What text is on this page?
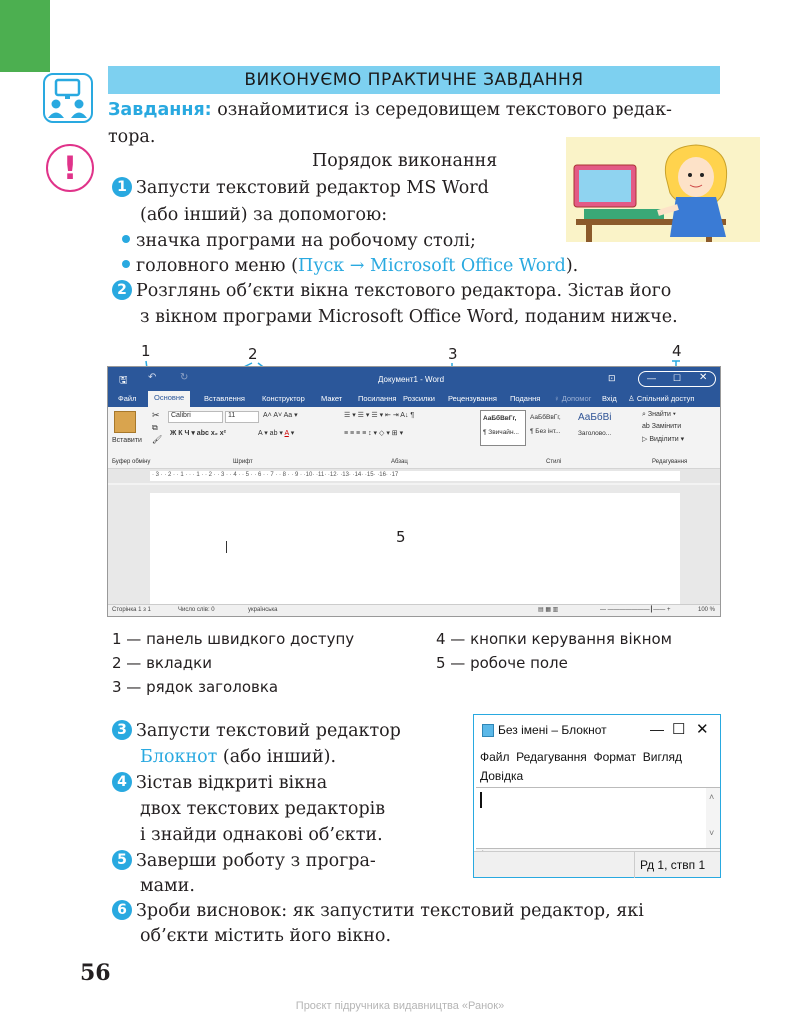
ВИКОНУЄМО ПРАКТИЧНЕ ЗАВДАННЯ
Завдання: ознайомитися із середовищем текстового редак-
тора.
!	Порядок виконання
1 Запусти текстовий редактор MS Word
(або інший) за допомогою:
значка програми на робочому столі;
головного меню (Пуск → Microsoft Office Word).
2 Розглянь об’єкти вікна текстового редактора. Зістав його
з вікном програми Microsoft Office Word, поданим нижче.
1	2	3	4
🖫 ↶ ↻	Документ1 - Word	⊡	— ☐ ✕
Файл	Основне	Вставлення Конструктор Макет Посилання Розсилки Рецензування Подання ♀ Допомог Вхід ♙ Спільний доступ
Вставити
✂
⧉
🖌
Calibri	11	A˄ A˅ Aa ▾
Ж К Ч ▾ abc x₂ x²	A ▾ ab ▾ A ▾
☰ ▾ ☰ ▾ ☰ ▾ ⇤ ⇥ A↓ ¶
≡ ≡ ≡ ≡ ↕ ▾ ◇ ▾ ⊞ ▾
АаБбВвГг,

¶ Звичайн...
АаБбВвГг,

¶ Без інт...
АаБбВі

Заголово...
⌕ Знайти ▾
ab Замінити
▷ Виділити ▾
Буфер обміну	Шрифт	Абзац	Стилі	Редагування
· 3 · · 2 · · 1 · · · 1 · · 2 · · 3 · · 4 · · 5 · · 6 · · 7 · · 8 · · 9 · ·10· ·11· ·12· ·13· ·14· ·15· ·16· ·17
Сторінка 1 з 1	Число слів: 0	українська	▤ ▦ ▥	— ———————┃—— +	100 %
5
1 — панель швидкого доступу
2 — вкладки
3 — рядок заголовка
4 — кнопки керування вікном
5 — робоче поле
3 Запусти текстовий редактор
Блокнот (або інший).
4 Зістав відкриті вікна
двох текстових редакторів
і знайди однакові об’єкти.
5 Заверши роботу з програ-
мами.
Без імені – Блокнот	— ☐ ✕
Файл  Редагування  Формат  Вигляд
Довідка
˄
˅
Рд 1, ствп 1
6 Зроби висновок: як запустити текстовий редактор, які
об’єкти містить його вікно.
56
Проєкт підручника видавництва «Ранок»
